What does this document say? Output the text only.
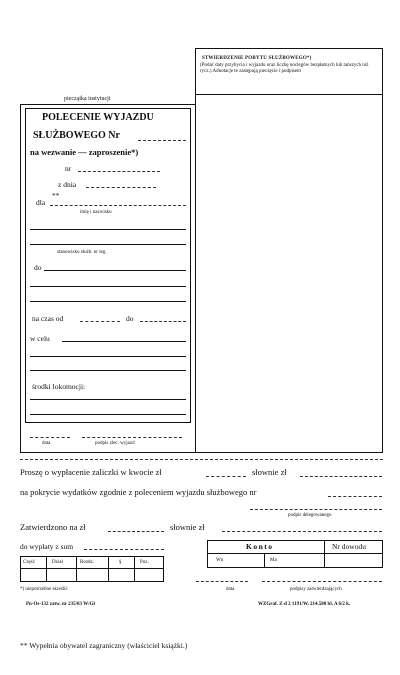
pieczątka instytucji
POLECENIE WYJAZDU
SŁUŻBOWEGO Nr
na wezwanie — zaproszenie*)
nr
z dnia
**
dla
imię i nazwisko
stanowisko służb. nr leg.
do
na czas od	do
w celu
środki lokomocji:
data	podpis zlec. wyjazd
STWIERDZENIE POBYTU SŁUŻBOWEGO*)
(Podać daty przybycia i wyjazdu oraz liczbę noclegów bezpłatnych lub tańszych niż rycz.) Adnotacje te zastępują pieczęcie i podpisem
Proszę o wypłacenie zaliczki w kwocie zł	słownie zł
na pokrycie wydatków zgodnie z poleceniem wyjazdu służbowego nr
podpis delegowanego
Zatwierdzono na zł	słownie zł
do wypłaty z sum	Konto	Nr dowodu
Wn	Ma
Część	Dział	Rozdz.	§	Poz.
*) niepotrzebne skreślić	data	podpisy zatwierdzających
Pu-Os-132 zatw. nr 235/03 W/Gł	WZGraf. Z-d 2 1191/W, 214.580 bl. A 6/2 k.
** Wypełnia obywatel zagraniczny (właściciel książki.)
